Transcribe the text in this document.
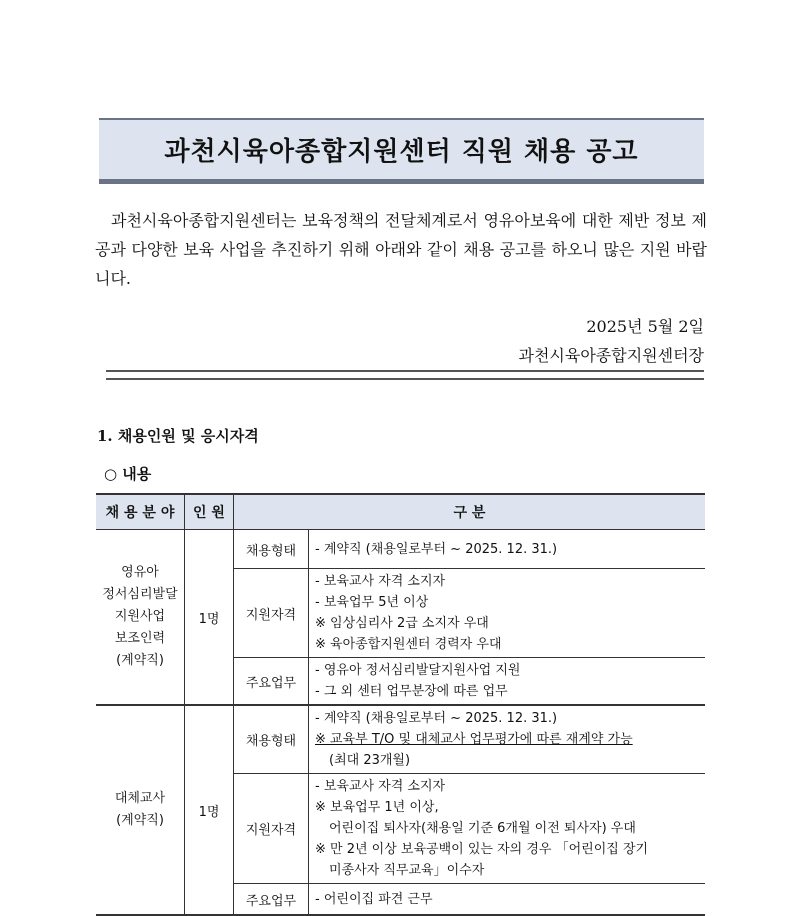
과천시육아종합지원센터 직원 채용 공고
과천시육아종합지원센터는 보육정책의 전달체계로서 영유아보육에 대한 제반 정보 제공과 다양한 보육 사업을 추진하기 위해 아래와 같이 채용 공고를 하오니 많은 지원 바랍니다.
2025년 5월 2일
과천시육아종합지원센터장
1. 채용인원 및 응시자격
○ 내용
채 용 분 야	인 원	구 분	

영유아
정서심리발달
지원사업
보조인력
(계약직)	1명	채용형태	- 계약직 (채용일로부터 ~ 2025. 12. 31.)

		지원자격	- 보육교사 자격 소지자
- 보육업무 5년 이상
※ 임상심리사 2급 소지자 우대
※ 육아종합지원센터 경력자 우대

		주요업무	- 영유아 정서심리발달지원사업 지원
- 그 외 센터 업무분장에 따른 업무

대체교사
(계약직)	1명	채용형태	- 계약직 (채용일로부터 ~ 2025. 12. 31.)
※ 교육부 T/O 및 대체교사 업무평가에 따른 재계약 가능
(최대 23개월)

		지원자격	- 보육교사 자격 소지자
※ 보육업무 1년 이상,
어린이집 퇴사자(채용일 기준 6개월 이전 퇴사자) 우대
※ 만 2년 이상 보육공백이 있는 자의 경우 「어린이집 장기
미종사자 직무교육」이수자

		주요업무	- 어린이집 파견 근무
